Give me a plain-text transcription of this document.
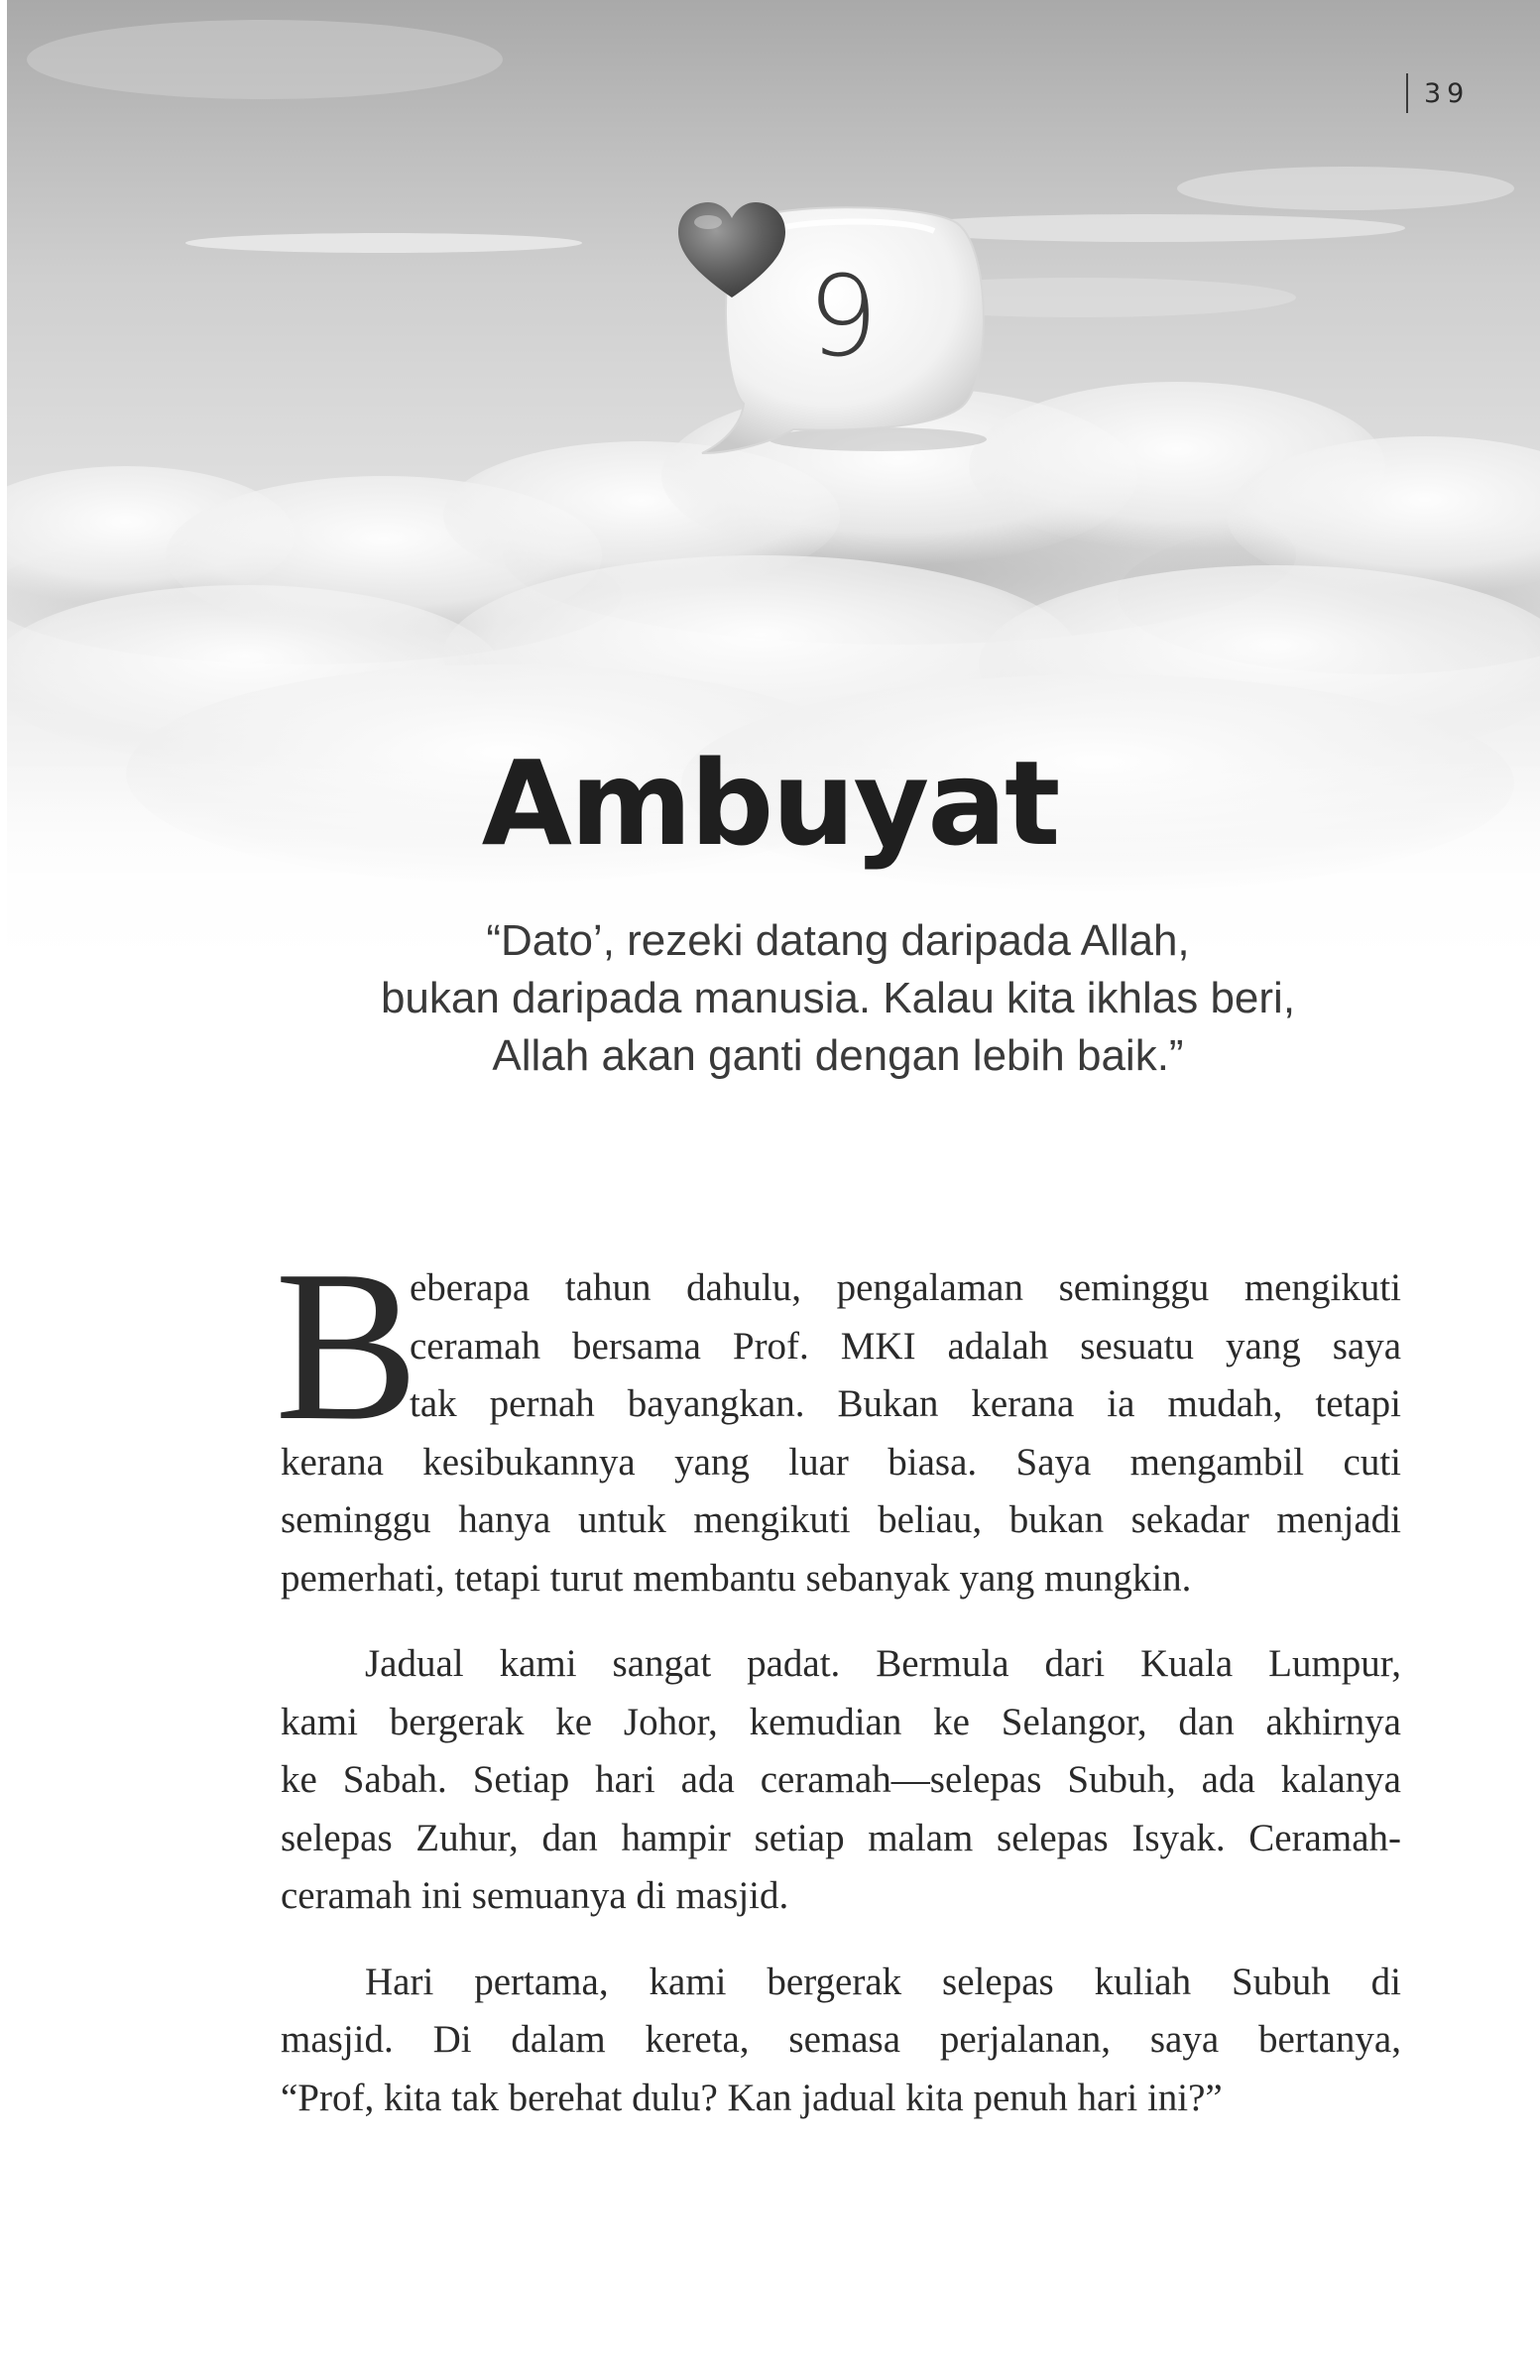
39
9
Ambuyat
“Dato’, rezeki datang daripada Allah,
bukan daripada manusia. Kalau kita ikhlas beri,
Allah akan ganti dengan lebih baik.”
B
eberapa tahun dahulu, pengalaman seminggu mengikuti
ceramah bersama Prof. MKI adalah sesuatu yang saya
tak pernah bayangkan. Bukan kerana ia mudah, tetapi
kerana kesibukannya yang luar biasa. Saya mengambil cuti
seminggu hanya untuk mengikuti beliau, bukan sekadar menjadi
pemerhati, tetapi turut membantu sebanyak yang mungkin.
Jadual kami sangat padat. Bermula dari Kuala Lumpur,
kami bergerak ke Johor, kemudian ke Selangor, dan akhirnya
ke Sabah. Setiap hari ada ceramah—selepas Subuh, ada kalanya
selepas Zuhur, dan hampir setiap malam selepas Isyak. Ceramah-
ceramah ini semuanya di masjid.
Hari pertama, kami bergerak selepas kuliah Subuh di
masjid. Di dalam kereta, semasa perjalanan, saya bertanya,
“Prof, kita tak berehat dulu? Kan jadual kita penuh hari ini?”
